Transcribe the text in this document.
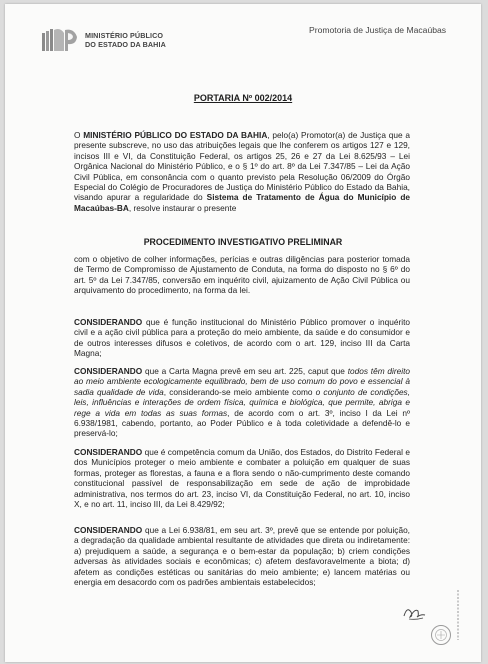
MINISTÉRIO PÚBLICO
DO ESTADO DA BAHIA
Promotoria de Justiça de Macaúbas
PORTARIA Nº 002/2014
O MINISTÉRIO PÚBLICO DO ESTADO DA BAHIA, pelo(a) Promotor(a) de Justiça que a presente subscreve, no uso das atribuições legais que lhe conferem os artigos 127 e 129, incisos III e VI, da Constituição Federal, os artigos 25, 26 e 27 da Lei 8.625/93 – Lei Orgânica Nacional do Ministério Público, e o § 1º do art. 8º da Lei 7.347/85 – Lei da Ação Civil Pública, em consonância com o quanto previsto pela Resolução 06/2009 do Órgão Especial do Colégio de Procuradores de Justiça do Ministério Público do Estado da Bahia, visando apurar a regularidade do Sistema de Tratamento de Água do Município de Macaúbas-BA, resolve instaurar o presente
PROCEDIMENTO INVESTIGATIVO PRELIMINAR
com o objetivo de colher informações, perícias e outras diligências para posterior tomada de Termo de Compromisso de Ajustamento de Conduta, na forma do disposto no § 6º do art. 5º da Lei 7.347/85, conversão em inquérito civil, ajuizamento de Ação Civil Pública ou arquivamento do procedimento, na forma da lei.
CONSIDERANDO que é função institucional do Ministério Público promover o inquérito civil e a ação civil pública para a proteção do meio ambiente, da saúde e do consumidor e de outros interesses difusos e coletivos, de acordo com o art. 129, inciso III da Carta Magna;
CONSIDERANDO que a Carta Magna prevê em seu art. 225, caput que todos têm direito ao meio ambiente ecologicamente equilibrado, bem de uso comum do povo e essencial à sadia qualidade de vida, considerando-se meio ambiente como o conjunto de condições, leis, influências e interações de ordem física, química e biológica, que permite, abriga e rege a vida em todas as suas formas, de acordo com o art. 3º, inciso I da Lei nº 6.938/1981, cabendo, portanto, ao Poder Público e à toda coletividade a defendê-lo e preservá-lo;
CONSIDERANDO que é competência comum da União, dos Estados, do Distrito Federal e dos Municípios proteger o meio ambiente e combater a poluição em qualquer de suas formas, proteger as florestas, a fauna e a flora sendo o não-cumprimento deste comando constitucional passível de responsabilização em sede de ação de improbidade administrativa, nos termos do art. 23, inciso VI, da Constituição Federal, no art. 10, inciso X, e no art. 11, inciso III, da Lei 8.429/92;
CONSIDERANDO que a Lei 6.938/81, em seu art. 3º, prevê que se entende por poluição, a degradação da qualidade ambiental resultante de atividades que direta ou indiretamente: a) prejudiquem a saúde, a segurança e o bem-estar da população; b) criem condições adversas às atividades sociais e econômicas; c) afetem desfavoravelmente a biota; d) afetem as condições estéticas ou sanitárias do meio ambiente; e) lancem matérias ou energia em desacordo com os padrões ambientais estabelecidos;
